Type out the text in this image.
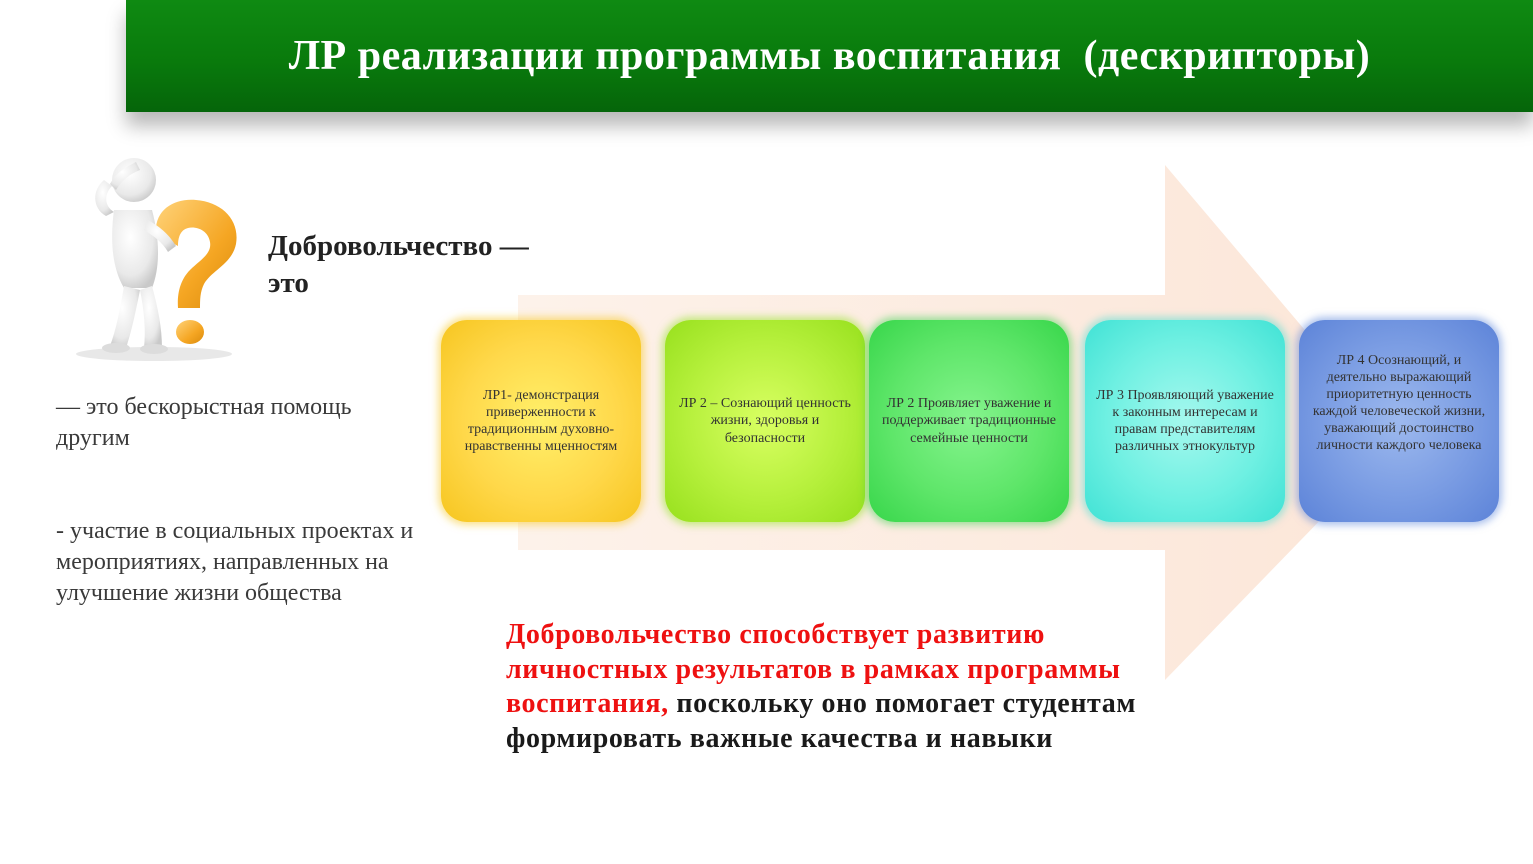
ЛР реализации программы воспитания  (дескрипторы)
Добровольчество — это
— это бескорыстная помощь другим
- участие в социальных проектах и мероприятиях, направленных на улучшение жизни общества
ЛР1- демонстрация приверженности к традиционным духовно-нравственны мценностям
ЛР 2 – Сознающий ценность жизни, здоровья и безопасности
ЛР 2 Проявляет уважение и поддерживает традиционные семейные ценности
ЛР 3 Проявляющий уважение к законным интересам и правам представителям различных этнокультур
ЛР 4 Осознающий, и деятельно выражающий приоритетную ценность каждой человеческой жизни, уважающий достоинство личности каждого человека
Добровольчество способствует развитию личностных результатов в рамках программы воспитания, поскольку оно помогает студентам формировать важные качества и навыки
